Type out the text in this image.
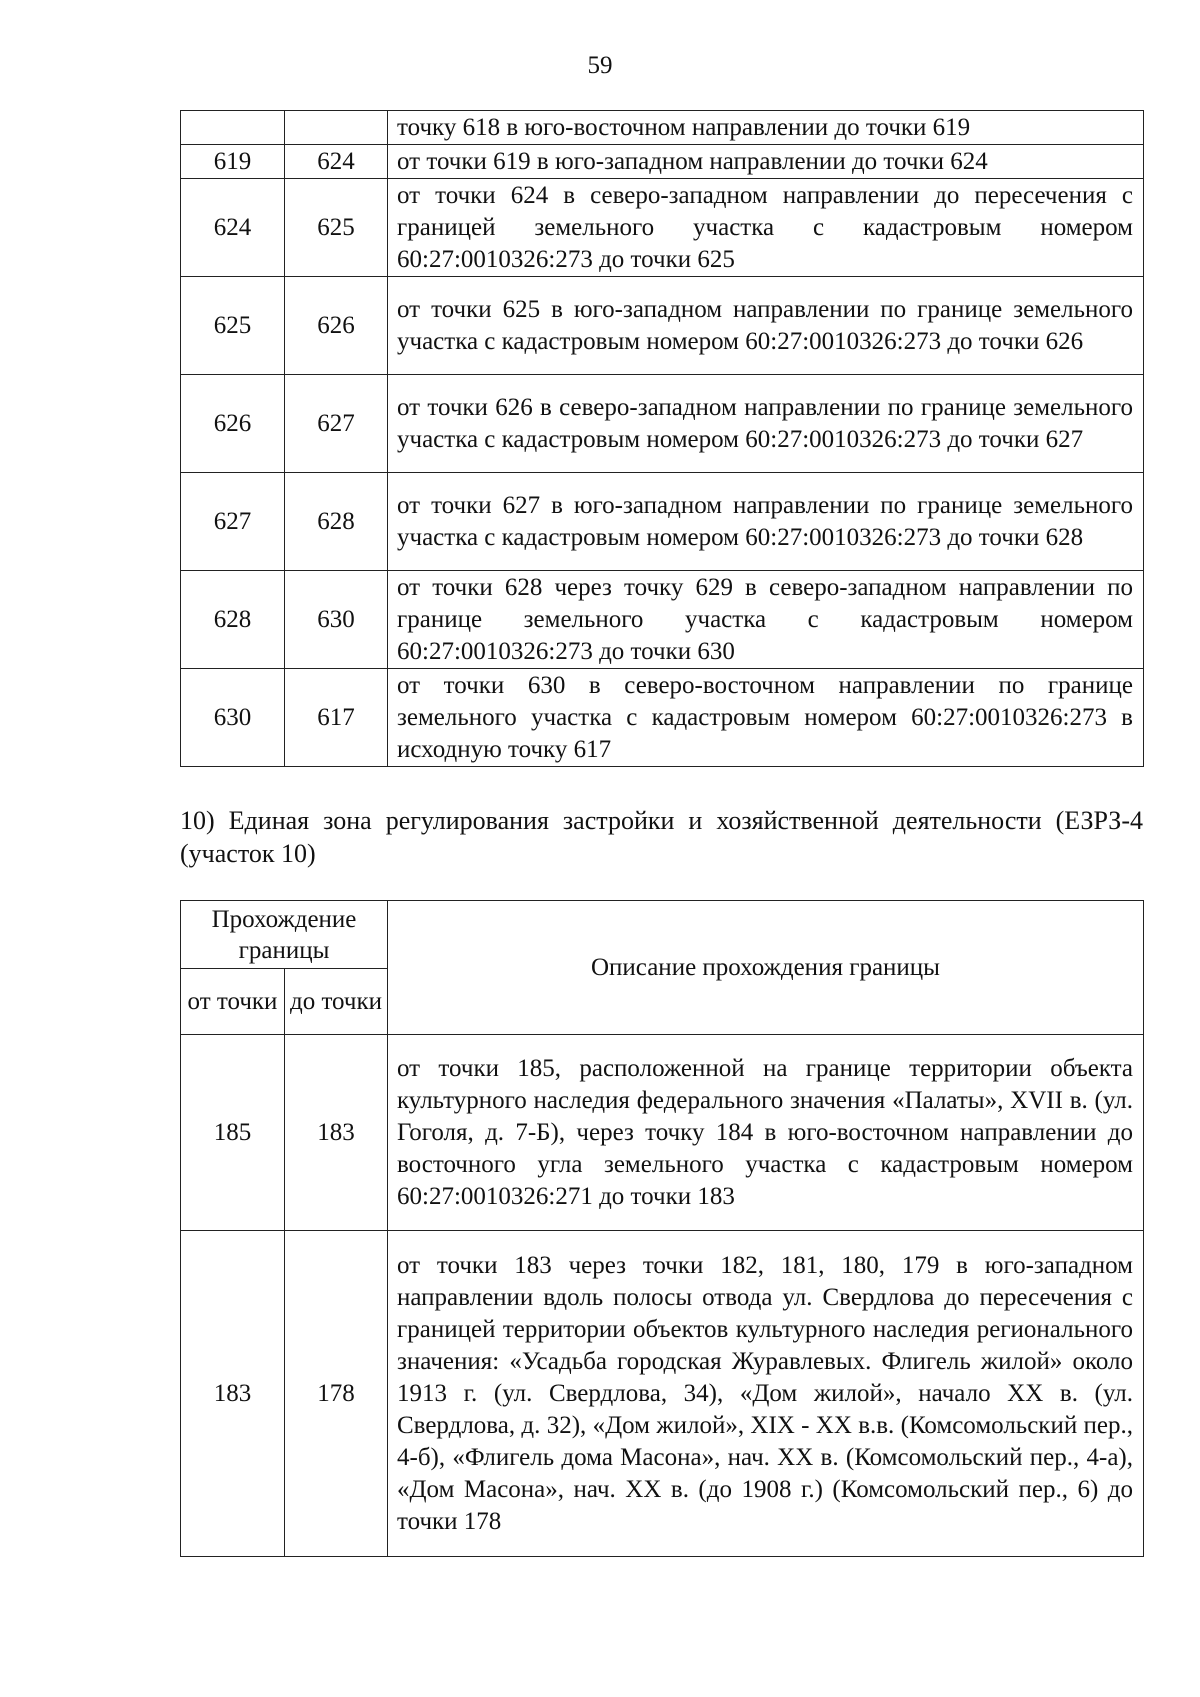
59
		точку 618 в юго-восточном направлении до точки 619
619	624	от точки 619 в юго-западном направлении до точки 624
624	625	от точки 624 в северо-западном направлении до пересечения с границей земельного участка с кадастровым номером 60:27:0010326:273 до точки 625
625	626	от точки 625 в юго-западном направлении по границе земельного участка с кадастровым номером 60:27:0010326:273 до точки 626
626	627	от точки 626 в северо-западном направлении по границе земельного участка с кадастровым номером 60:27:0010326:273 до точки 627
627	628	от точки 627 в юго-западном направлении по границе земельного участка с кадастровым номером 60:27:0010326:273 до точки 628
628	630	от точки 628 через точку 629 в северо-западном направлении по границе земельного участка с кадастровым номером 60:27:0010326:273 до точки 630
630	617	от точки 630 в северо-восточном направлении по границе земельного участка с кадастровым номером 60:27:0010326:273 в исходную точку 617
10) Единая зона регулирования застройки и хозяйственной деятельности (ЕЗРЗ-4 (участок 10)
Прохождение границы		Описание прохождения границы
от точки	до точки	
185	183	от точки 185, расположенной на границе территории объекта культурного наследия федерального значения «Палаты», XVII в. (ул. Гоголя, д. 7-Б), через точку 184 в юго-восточном направлении до восточного угла земельного участка с кадастровым номером 60:27:0010326:271 до точки 183
183	178	от точки 183 через точки 182, 181, 180, 179 в юго-западном направлении вдоль полосы отвода ул. Свердлова до пересечения с границей территории объектов культурного наследия регионального значения: «Усадьба городская Журавлевых. Флигель жилой» около 1913 г. (ул. Свердлова, 34), «Дом жилой», начало XX в. (ул. Свердлова, д. 32), «Дом жилой», XIX - XX в.в. (Комсомольский пер., 4-б), «Флигель дома Масона», нач. XX в. (Комсомольский пер., 4-а), «Дом Масона», нач. XX в. (до 1908 г.) (Комсомольский пер., 6) до точки 178
